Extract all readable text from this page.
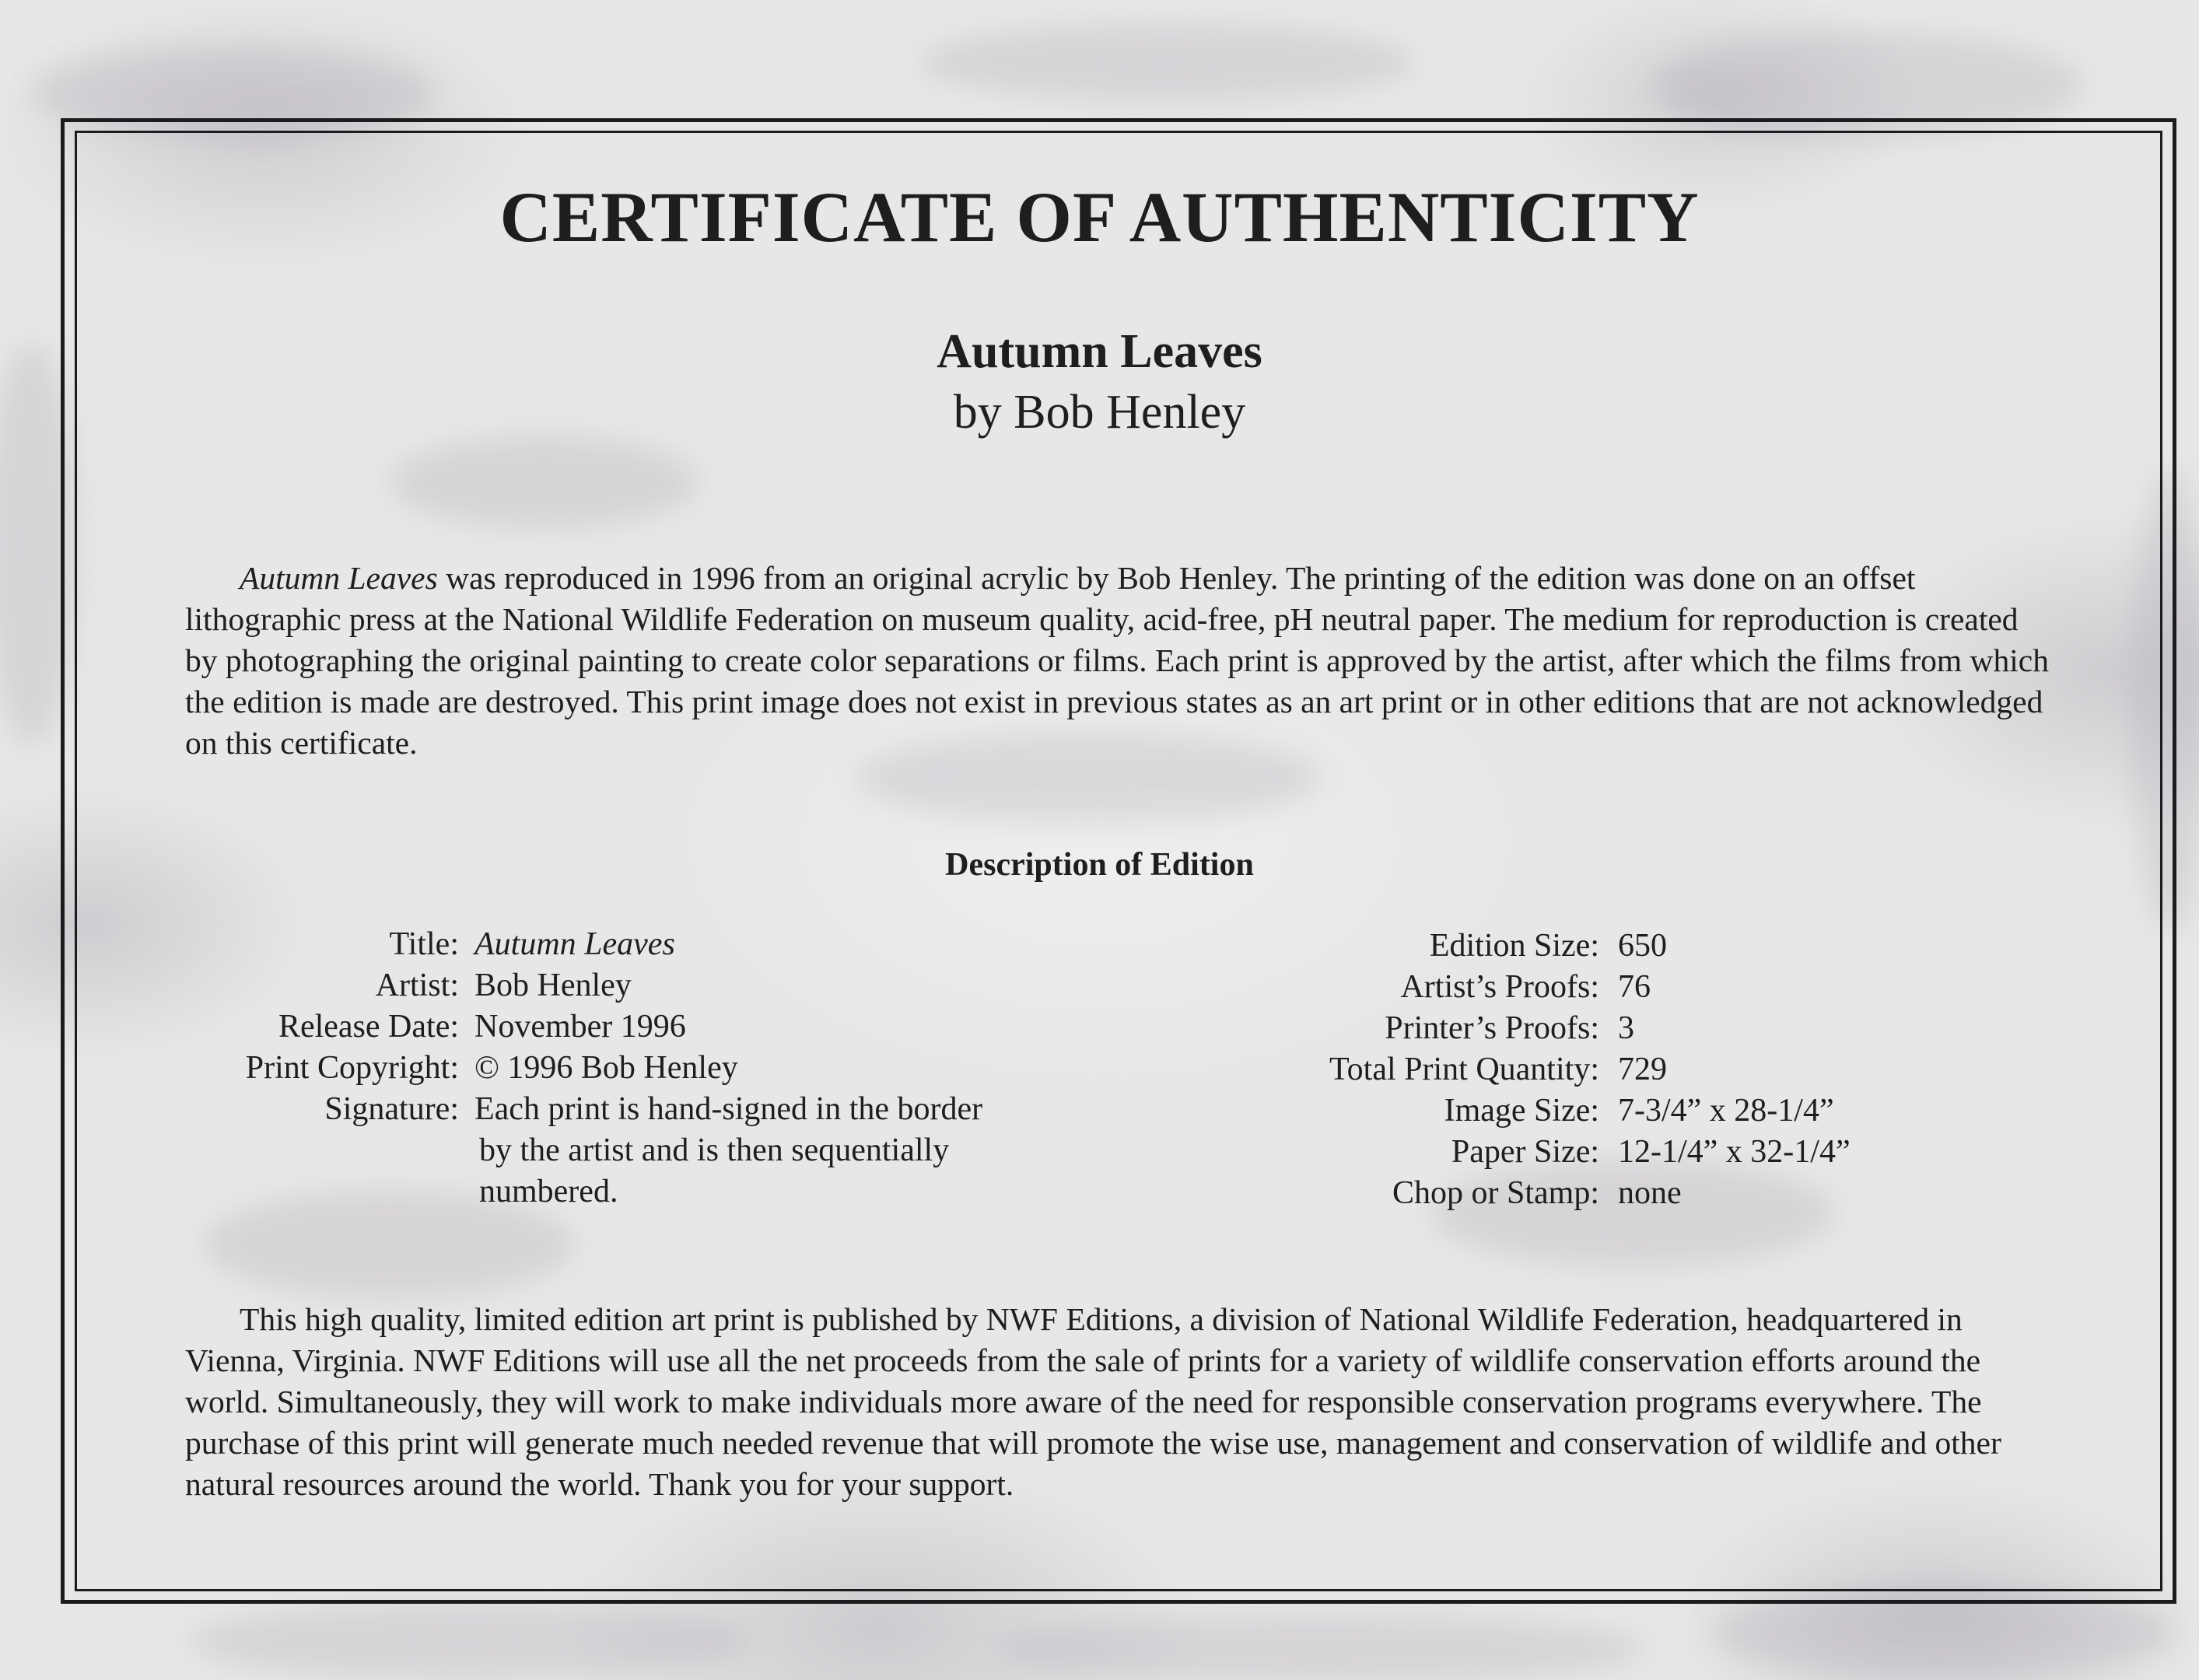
CERTIFICATE OF AUTHENTICITY
Autumn Leaves
by Bob Henley

Autumn Leaves was reproduced in 1996 from an original acrylic by Bob Henley. The printing of the edition was done on an offset lithographic press at the National Wildlife Federation on museum quality, acid-free, pH neutral paper. The medium for reproduction is created by photographing the original painting to create color separations or films. Each print is approved by the artist, after which the films from which the edition is made are destroyed. This print image does not exist in previous states as an art print or in other editions that are not acknowledged on this certificate.

Description of Edition
Title: Autumn Leaves
Artist: Bob Henley
Release Date: November 1996
Print Copyright: © 1996 Bob Henley
Signature: Each print is hand-signed in the border
by the artist and is then sequentially
numbered.
Edition Size: 650
Artist’s Proofs: 76
Printer’s Proofs: 3
Total Print Quantity: 729
Image Size: 7-3/4” x 28-1/4”
Paper Size: 12-1/4” x 32-1/4”
Chop or Stamp: none

This high quality, limited edition art print is published by NWF Editions, a division of National Wildlife Federation, headquartered in Vienna, Virginia. NWF Editions will use all the net proceeds from the sale of prints for a variety of wildlife conservation efforts around the world. Simultaneously, they will work to make individuals more aware of the need for responsible conservation programs everywhere. The purchase of this print will generate much needed revenue that will promote the wise use, management and conservation of wildlife and other natural resources around the world. Thank you for your support.
